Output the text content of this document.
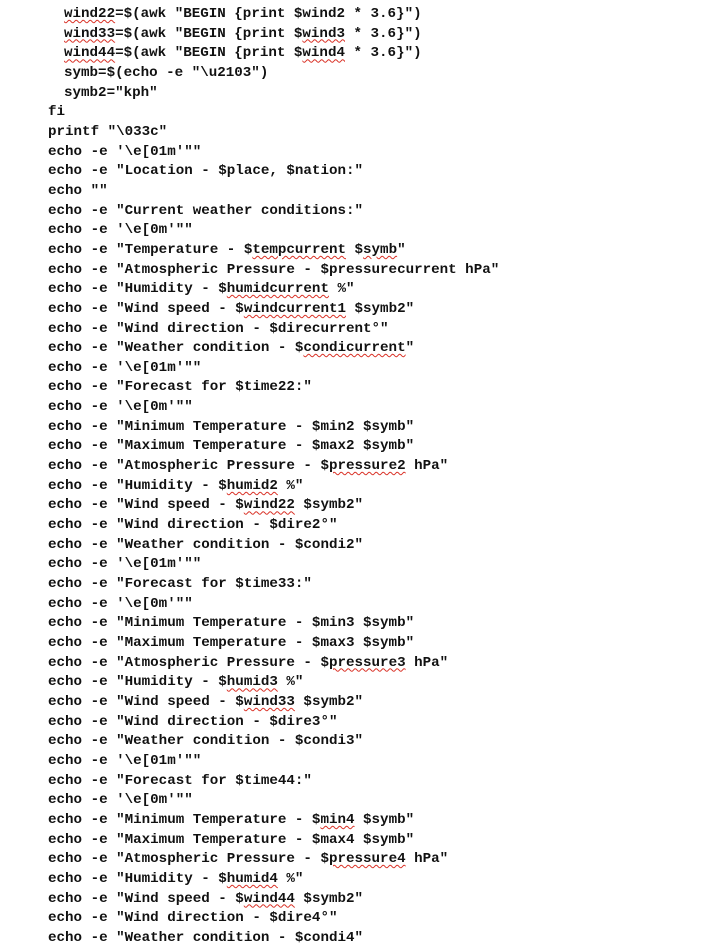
wind22=$(awk "BEGIN {print $wind2 * 3.6}")
wind33=$(awk "BEGIN {print $wind3 * 3.6}")
wind44=$(awk "BEGIN {print $wind4 * 3.6}")
symb=$(echo -e "\u2103")
symb2="kph"
fi
printf "\033c"
echo -e '\e[01m'""
echo -e "Location - $place, $nation:"
echo ""
echo -e "Current weather conditions:"
echo -e '\e[0m'""
echo -e "Temperature - $tempcurrent $symb"
echo -e "Atmospheric Pressure - $pressurecurrent hPa"
echo -e "Humidity - $humidcurrent %"
echo -e "Wind speed - $windcurrent1 $symb2"
echo -e "Wind direction - $direcurrent°"
echo -e "Weather condition - $condicurrent"
echo -e '\e[01m'""
echo -e "Forecast for $time22:"
echo -e '\e[0m'""
echo -e "Minimum Temperature - $min2 $symb"
echo -e "Maximum Temperature - $max2 $symb"
echo -e "Atmospheric Pressure - $pressure2 hPa"
echo -e "Humidity - $humid2 %"
echo -e "Wind speed - $wind22 $symb2"
echo -e "Wind direction - $dire2°"
echo -e "Weather condition - $condi2"
echo -e '\e[01m'""
echo -e "Forecast for $time33:"
echo -e '\e[0m'""
echo -e "Minimum Temperature - $min3 $symb"
echo -e "Maximum Temperature - $max3 $symb"
echo -e "Atmospheric Pressure - $pressure3 hPa"
echo -e "Humidity - $humid3 %"
echo -e "Wind speed - $wind33 $symb2"
echo -e "Wind direction - $dire3°"
echo -e "Weather condition - $condi3"
echo -e '\e[01m'""
echo -e "Forecast for $time44:"
echo -e '\e[0m'""
echo -e "Minimum Temperature - $min4 $symb"
echo -e "Maximum Temperature - $max4 $symb"
echo -e "Atmospheric Pressure - $pressure4 hPa"
echo -e "Humidity - $humid4 %"
echo -e "Wind speed - $wind44 $symb2"
echo -e "Wind direction - $dire4°"
echo -e "Weather condition - $condi4"
